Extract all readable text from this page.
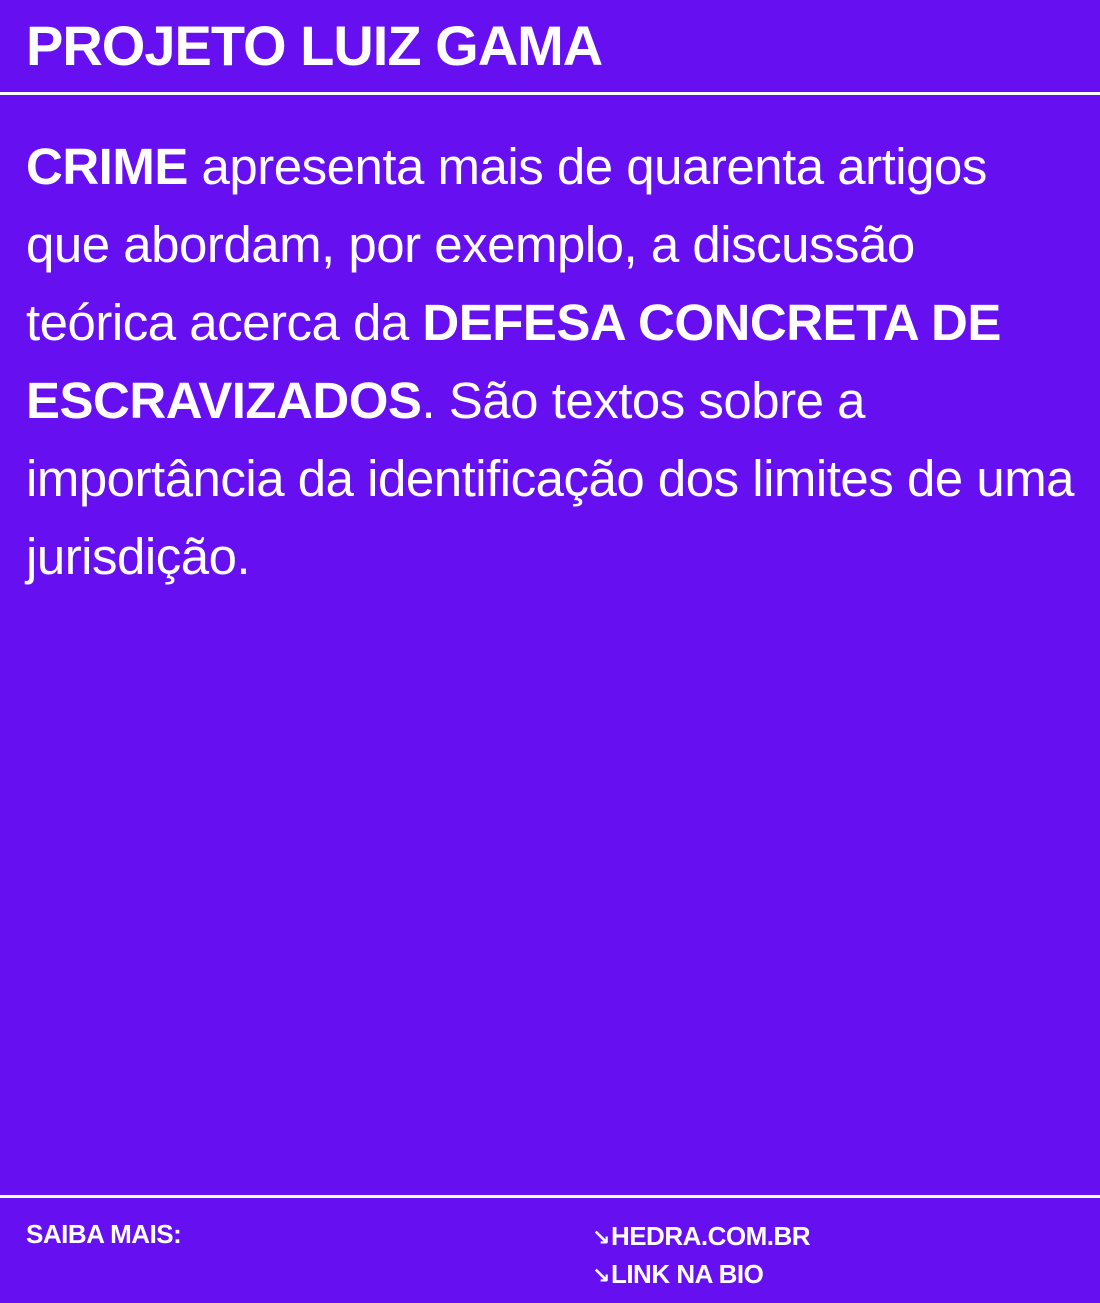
PROJETO LUIZ GAMA

CRIME apresenta mais de quarenta artigos que abordam, por exemplo, a discussão teórica acerca da DEFESA CONCRETA DE ESCRAVIZADOS. São textos sobre a importância da identificação dos limites de uma jurisdição.

SAIBA MAIS:	↘HEDRA.COM.BR
↘LINK NA BIO
